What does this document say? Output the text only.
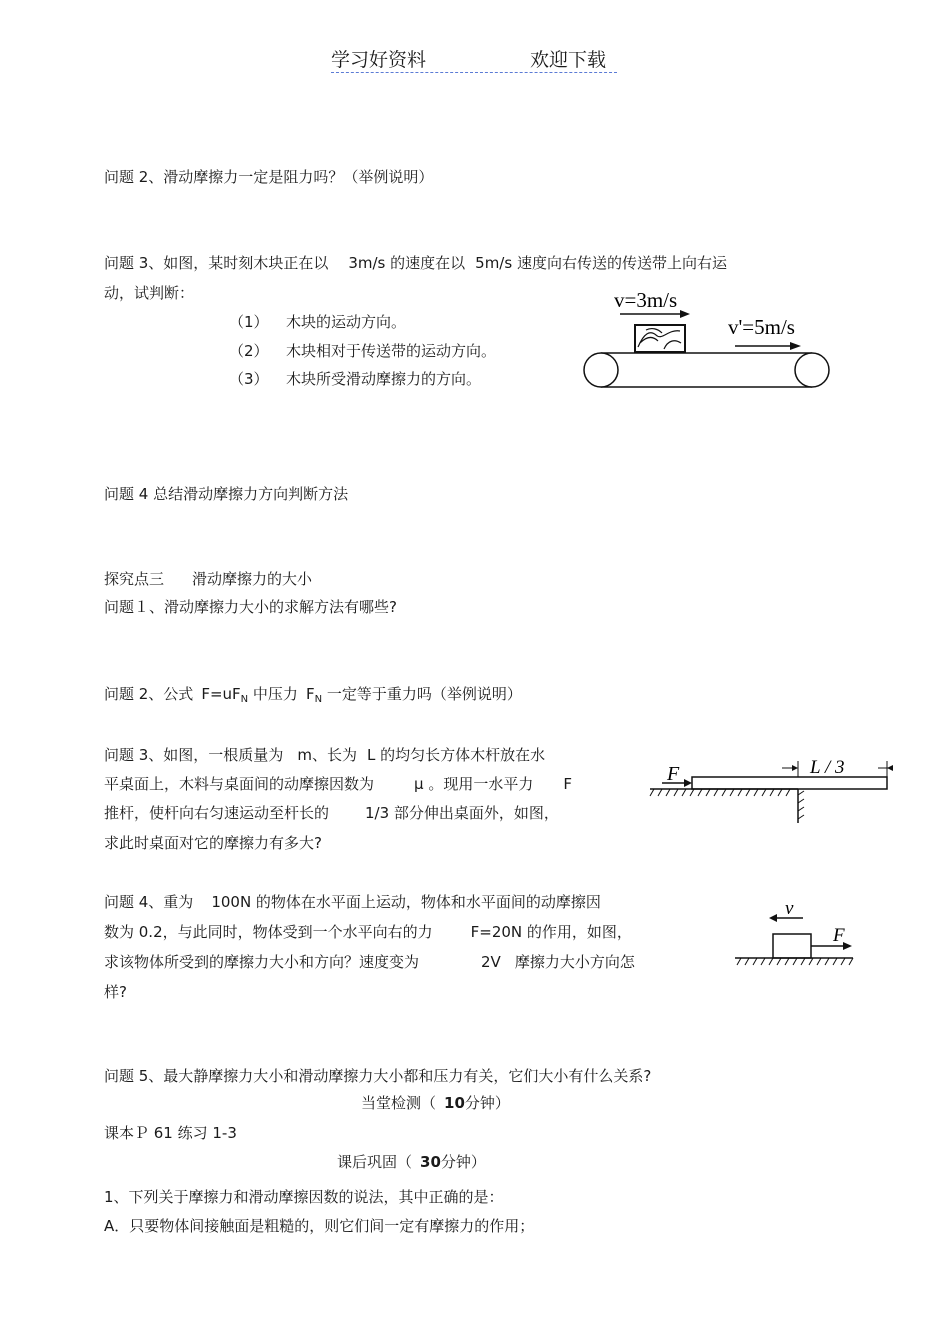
学习好资料	欢迎下载
问题 2、滑动摩擦力一定是阻力吗？（举例说明）
问题 3、如图，某时刻木块正在以 3m/s 的速度在以 5m/s 速度向右传送的传送带上向右运
动，试判断：
（1） 木块的运动方向。
（2） 木块相对于传送带的运动方向。
（3） 木块所受滑动摩擦力的方向。
v=3m/s
v'=5m/s
问题 4 总结滑动摩擦力方向判断方法
探究点三 滑动摩擦力的大小
问题１、滑动摩擦力大小的求解方法有哪些?
问题 2、公式 $F=uF_N$ 中压力 $F_N$ 一定等于重力吗（举例说明）
问题 3、如图，一根质量为 m、长为 L 的均匀长方体木杆放在水
平桌面上，木料与桌面间的动摩擦因数为	μ 。现用一水平力 F
推杆，使杆向右匀速运动至杆长的 1/3 部分伸出桌面外，如图，
求此时桌面对它的摩擦力有多大?
F	L / 3
问题 4、重为 100N 的物体在水平面上运动，物体和水平面间的动摩擦因
数为 0.2，与此同时，物体受到一个水平向右的力	F=20N 的作用，如图，
求该物体所受到的摩擦力大小和方向？速度变为	2V 摩擦力大小方向怎
样?
v
F
问题 5、最大静摩擦力大小和滑动摩擦力大小都和压力有关，它们大小有什么关系?
当堂检测（ 10分钟）
课本Ｐ 61 练习 1-3
课后巩固（ 30分钟）
1、下列关于摩擦力和滑动摩擦因数的说法，其中正确的是：
A．只要物体间接触面是粗糙的，则它们间一定有摩擦力的作用；
